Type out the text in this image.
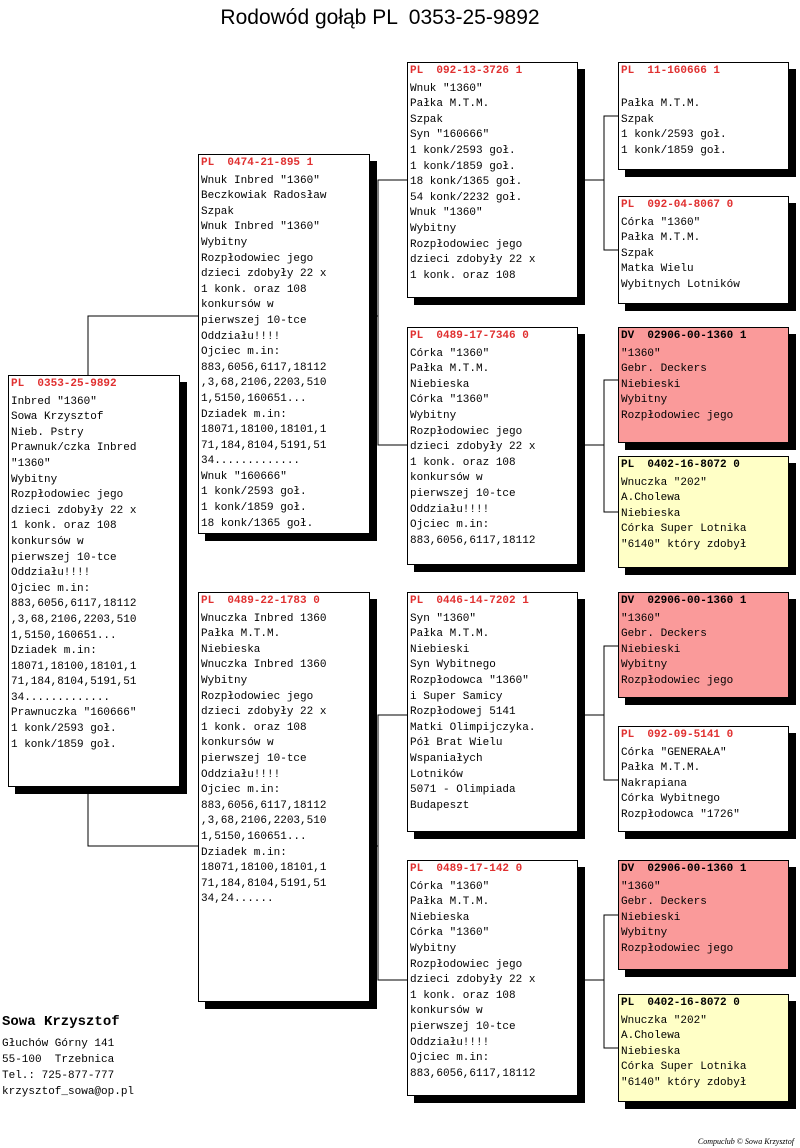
Rodowód gołąb PL  0353-25-9892
PL  0353-25-9892
Inbred "1360"
Sowa Krzysztof
Nieb. Pstry
Prawnuk/czka Inbred
"1360"
Wybitny
Rozpłodowiec jego
dzieci zdobyły 22 x
1 konk. oraz 108
konkursów w
pierwszej 10-tce
Oddziału!!!!
Ojciec m.in:
883,6056,6117,18112
,3,68,2106,2203,510
1,5150,160651...
Dziadek m.in:
18071,18100,18101,1
71,184,8104,5191,51
34.............
Prawnuczka "160666"
1 konk/2593 goł.
1 konk/1859 goł.
PL  0474-21-895 1
Wnuk Inbred "1360"
Beczkowiak Radosław
Szpak
Wnuk Inbred "1360"
Wybitny
Rozpłodowiec jego
dzieci zdobyły 22 x
1 konk. oraz 108
konkursów w
pierwszej 10-tce
Oddziału!!!!
Ojciec m.in:
883,6056,6117,18112
,3,68,2106,2203,510
1,5150,160651...
Dziadek m.in:
18071,18100,18101,1
71,184,8104,5191,51
34.............
Wnuk "160666"
1 konk/2593 goł.
1 konk/1859 goł.
18 konk/1365 goł.
PL  0489-22-1783 0
Wnuczka Inbred 1360
Pałka M.T.M.
Niebieska
Wnuczka Inbred 1360
Wybitny
Rozpłodowiec jego
dzieci zdobyły 22 x
1 konk. oraz 108
konkursów w
pierwszej 10-tce
Oddziału!!!!
Ojciec m.in:
883,6056,6117,18112
,3,68,2106,2203,510
1,5150,160651...
Dziadek m.in:
18071,18100,18101,1
71,184,8104,5191,51
34,24......
PL  092-13-3726 1
Wnuk "1360"
Pałka M.T.M.
Szpak
Syn "160666"
1 konk/2593 goł.
1 konk/1859 goł.
18 konk/1365 goł.
54 konk/2232 goł.
Wnuk "1360"
Wybitny
Rozpłodowiec jego
dzieci zdobyły 22 x
1 konk. oraz 108
PL  0489-17-7346 0
Córka "1360"
Pałka M.T.M.
Niebieska
Córka "1360"
Wybitny
Rozpłodowiec jego
dzieci zdobyły 22 x
1 konk. oraz 108
konkursów w
pierwszej 10-tce
Oddziału!!!!
Ojciec m.in:
883,6056,6117,18112
PL  0446-14-7202 1
Syn "1360"
Pałka M.T.M.
Niebieski
Syn Wybitnego
Rozpłodowca "1360"
i Super Samicy
Rozpłodowej 5141
Matki Olimpijczyka.
Pół Brat Wielu
Wspaniałych
Lotników
5071 - Olimpiada
Budapeszt
PL  0489-17-142 0
Córka "1360"
Pałka M.T.M.
Niebieska
Córka "1360"
Wybitny
Rozpłodowiec jego
dzieci zdobyły 22 x
1 konk. oraz 108
konkursów w
pierwszej 10-tce
Oddziału!!!!
Ojciec m.in:
883,6056,6117,18112
PL  11-160666 1

Pałka M.T.M.
Szpak
1 konk/2593 goł.
1 konk/1859 goł.
PL  092-04-8067 0
Córka "1360"
Pałka M.T.M.
Szpak
Matka Wielu
Wybitnych Lotników
DV  02906-00-1360 1
"1360"
Gebr. Deckers
Niebieski
Wybitny
Rozpłodowiec jego
PL  0402-16-8072 0
Wnuczka "202"
A.Cholewa
Niebieska
Córka Super Lotnika
"6140" który zdobył
DV  02906-00-1360 1
"1360"
Gebr. Deckers
Niebieski
Wybitny
Rozpłodowiec jego
PL  092-09-5141 0
Córka "GENERAŁA"
Pałka M.T.M.
Nakrapiana
Córka Wybitnego
Rozpłodowca "1726"
DV  02906-00-1360 1
"1360"
Gebr. Deckers
Niebieski
Wybitny
Rozpłodowiec jego
PL  0402-16-8072 0
Wnuczka "202"
A.Cholewa
Niebieska
Córka Super Lotnika
"6140" który zdobył
Sowa Krzysztof
Głuchów Górny 141
55-100  Trzebnica
Tel.: 725-877-777
krzysztof_sowa@op.pl
Compuclub © Sowa Krzysztof
